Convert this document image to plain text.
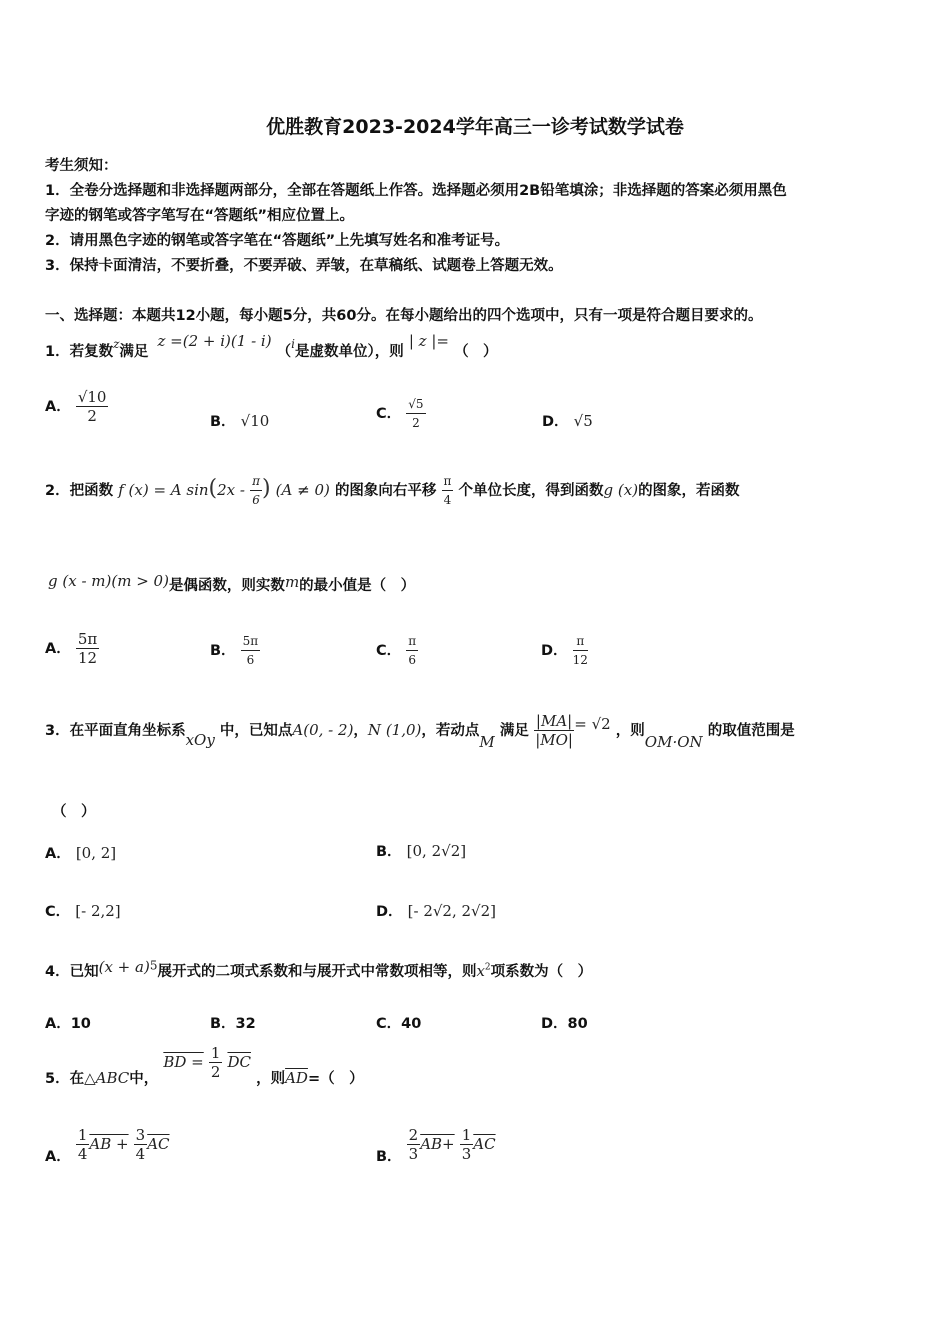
优胜教育2023-2024学年高三一诊考试数学试卷
考生须知：
1．全卷分选择题和非选择题两部分，全部在答题纸上作答。选择题必须用2B铅笔填涂；非选择题的答案必须用黑色
字迹的钢笔或答字笔写在“答题纸”相应位置上。
2．请用黑色字迹的钢笔或答字笔在“答题纸”上先填写姓名和准考证号。
3．保持卡面清洁，不要折叠，不要弄破、弄皱，在草稿纸、试题卷上答题无效。
一、选择题：本题共12小题，每小题5分，共60分。在每小题给出的四个选项中，只有一项是符合题目要求的。
1．若复数$^z$满足 z =(2 + i)(1 - i) （$^i$是虚数单位），则 | z |= （　）
A． $\frac{√10}{2}$	B． √10	C． $\frac{√5}{2}$	D． √5
2．把函数 f (x) = A $\sin(2x - \frac{\pi}{6}$ ) (A ≠ 0) 的图象向右平移 $\frac{\pi}{4}$ 个单位长度，得到函数g (x)的图象，若函数
g (x - m)(m > 0)是偶函数，则实数m的最小值是（　）
A． $\frac{5\pi}{12}$	B． $\frac{5\pi}{6}$	C． $\frac{\pi}{6}$	D． $\frac{\pi}{12}$
3．在平面直角坐标系xOy 中，已知点A(0, - 2)，N (1,0)，若动点M 满足 $\frac{|MA|}{|MO|} = √2$ ，则OM·ON 的取值范围是
（　）
A． [0, 2]	B． [0, 2√2]
C． [- 2,2]	D． [- 2√2, 2√2]
4．已知$(x + a)^5$展开式的二项式系数和与展开式中常数项相等，则$x^2$项系数为（　）
A．10	B．32	C．40	D．80
5．在△ABC中， BD = $\frac{1}{2} \overline{DC}$ ，则$\overline{AD}=$（　）
A． $\frac{1}{4}$ AB + $\frac{3}{4} \overline{AC}$
B． $\frac{2}{3} AB+ \frac{1}{3} \overline{AC}$
